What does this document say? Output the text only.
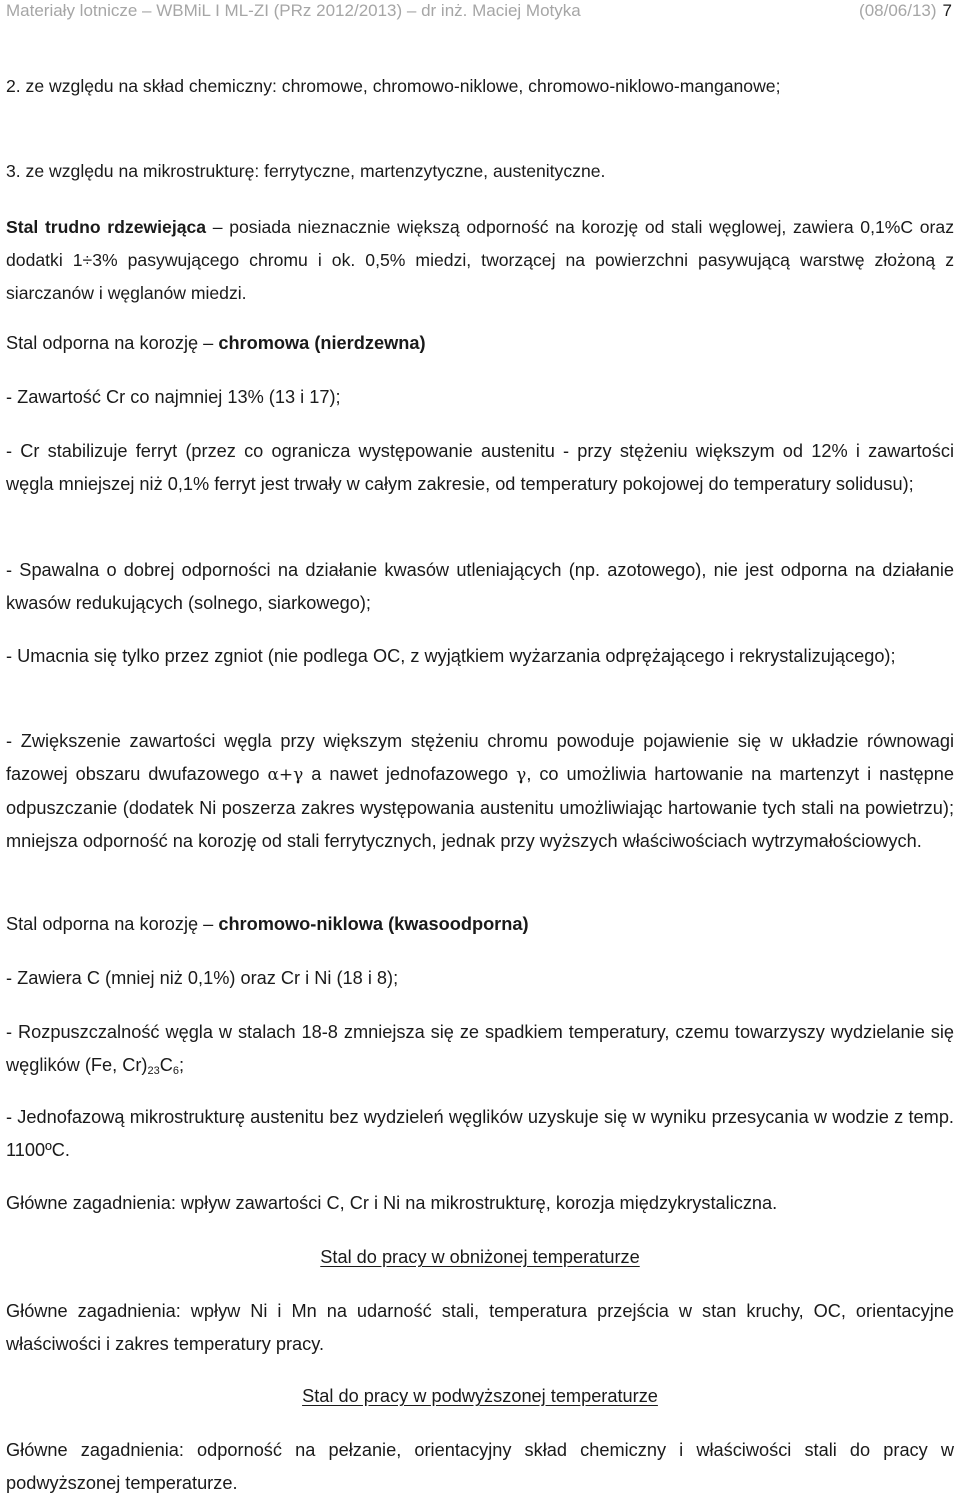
Materiały lotnicze – WBMiL I ML-ZI (PRz 2012/2013) – dr inż. Maciej Motyka	(08/06/13) 7

2. ze względu na skład chemiczny: chromowe, chromowo-niklowe, chromowo-niklowo-manganowe;

3. ze względu na mikrostrukturę: ferrytyczne, martenzytyczne, austenityczne.

Stal trudno rdzewiejąca – posiada nieznacznie większą odporność na korozję od stali węglowej, zawiera 0,1%C oraz dodatki 1÷3% pasywującego chromu i ok. 0,5% miedzi, tworzącej na powierzchni pasywującą warstwę złożoną z siarczanów i węglanów miedzi.

Stal odporna na korozję – chromowa (nierdzewna)

- Zawartość Cr co najmniej 13% (13 i 17);

- Cr stabilizuje ferryt (przez co ogranicza występowanie austenitu - przy stężeniu większym od 12% i zawartości węgla mniejszej niż 0,1% ferryt jest trwały w całym zakresie, od temperatury pokojowej do temperatury solidusu);

- Spawalna o dobrej odporności na działanie kwasów utleniających (np. azotowego), nie jest odporna na działanie kwasów redukujących (solnego, siarkowego);

- Umacnia się tylko przez zgniot (nie podlega OC, z wyjątkiem wyżarzania odprężającego i rekrystalizującego);

- Zwiększenie zawartości węgla przy większym stężeniu chromu powoduje pojawienie się w układzie równowagi fazowej obszaru dwufazowego α+γ a nawet jednofazowego γ, co umożliwia hartowanie na martenzyt i następne odpuszczanie (dodatek Ni poszerza zakres występowania austenitu umożliwiając hartowanie tych stali na powietrzu); mniejsza odporność na korozję od stali ferrytycznych, jednak przy wyższych właściwościach wytrzymałościowych.

Stal odporna na korozję – chromowo-niklowa (kwasoodporna)

- Zawiera C (mniej niż 0,1%) oraz Cr i Ni (18 i 8);

- Rozpuszczalność węgla w stalach 18-8 zmniejsza się ze spadkiem temperatury, czemu towarzyszy wydzielanie się węglików (Fe, $Cr)_{23}C_6$;

- Jednofazową mikrostrukturę austenitu bez wydzieleń węglików uzyskuje się w wyniku przesycania w wodzie z temp. 1100ºC.

Główne zagadnienia: wpływ zawartości C, Cr i Ni na mikrostrukturę, korozja międzykrystaliczna.

Stal do pracy w obniżonej temperaturze

Główne zagadnienia: wpływ Ni i Mn na udarność stali, temperatura przejścia w stan kruchy, OC, orientacyjne właściwości i zakres temperatury pracy.

Stal do pracy w podwyższonej temperaturze

Główne zagadnienia: odporność na pełzanie, orientacyjny skład chemiczny i właściwości stali do pracy w podwyższonej temperaturze.
